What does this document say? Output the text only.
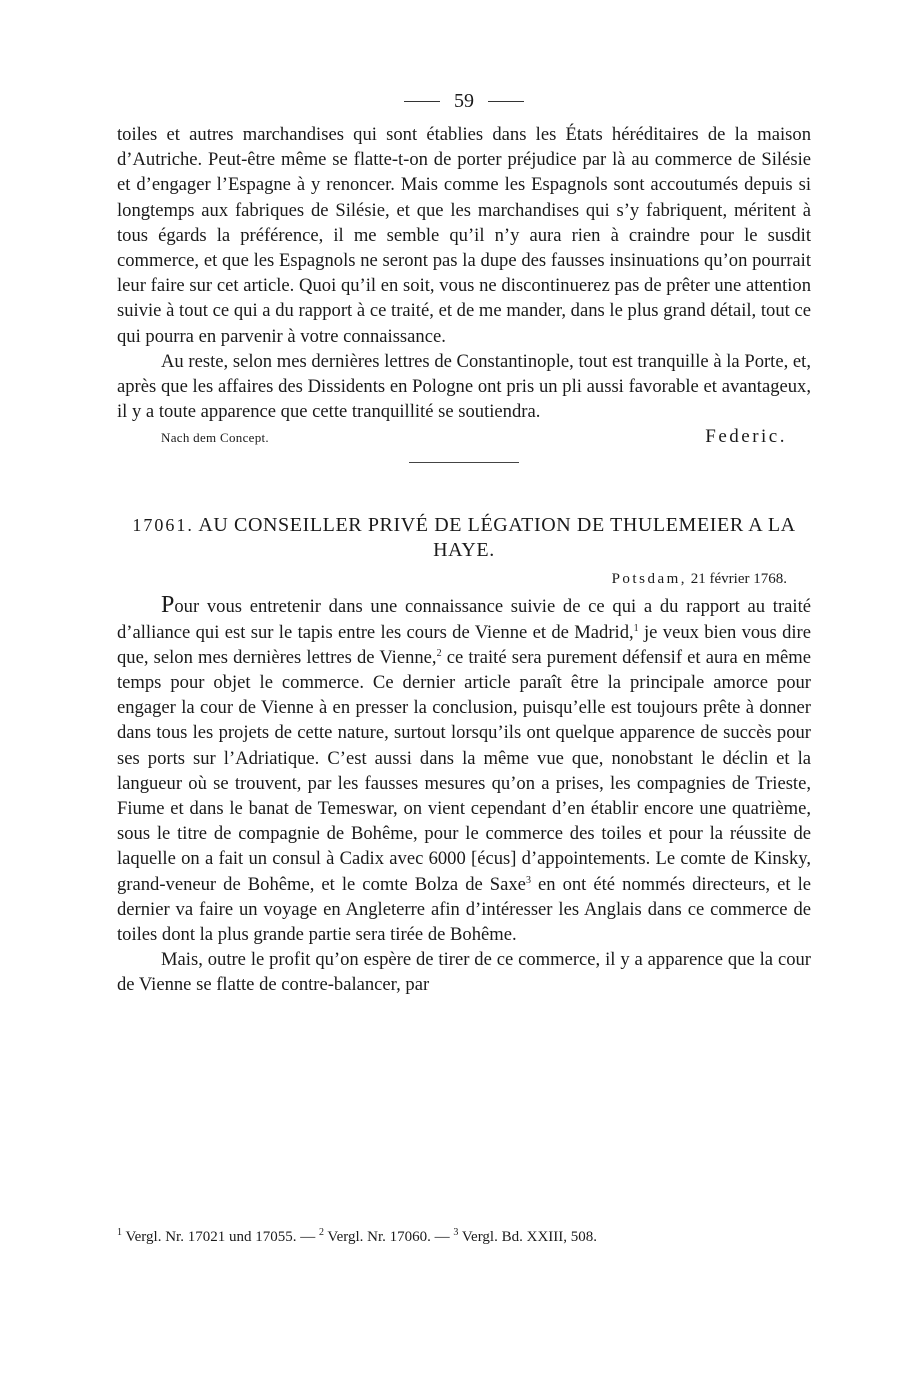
59

toiles et autres marchandises qui sont établies dans les États héréditaires de la maison d’Autriche. Peut-être même se flatte-t-on de porter préjudice par là au commerce de Silésie et d’engager l’Espagne à y renoncer. Mais comme les Espagnols sont accoutumés depuis si longtemps aux fabriques de Silésie, et que les marchandises qui s’y fabriquent, méritent à tous égards la préférence, il me semble qu’il n’y aura rien à craindre pour le susdit commerce, et que les Espagnols ne seront pas la dupe des fausses insinuations qu’on pourrait leur faire sur cet article. Quoi qu’il en soit, vous ne discontinuerez pas de prêter une attention suivie à tout ce qui a du rapport à ce traité, et de me mander, dans le plus grand détail, tout ce qui pourra en parvenir à votre connaissance.

Au reste, selon mes dernières lettres de Constantinople, tout est tranquille à la Porte, et, après que les affaires des Dissidents en Pologne ont pris un pli aussi favorable et avantageux, il y a toute apparence que cette tranquillité se soutiendra.

Nach dem Concept.	Federic.
17061. AU CONSEILLER PRIVÉ DE LÉGATION DE THULEMEIER A LA HAYE.
Potsdam, 21 février 1768.

Pour vous entretenir dans une connaissance suivie de ce qui a du rapport au traité d’alliance qui est sur le tapis entre les cours de Vienne et de Madrid,$^1$ je veux bien vous dire que, selon mes dernières lettres de Vienne,$^2$ ce traité sera purement défensif et aura en même temps pour objet le commerce. Ce dernier article paraît être la principale amorce pour engager la cour de Vienne à en presser la conclusion, puisqu’elle est toujours prête à donner dans tous les projets de cette nature, surtout lorsqu’ils ont quelque apparence de succès pour ses ports sur l’Adriatique. C’est aussi dans la même vue que, nonobstant le déclin et la langueur où se trouvent, par les fausses mesures qu’on a prises, les compagnies de Trieste, Fiume et dans le banat de Temeswar, on vient cependant d’en établir encore une quatrième, sous le titre de compagnie de Bohême, pour le commerce des toiles et pour la réussite de laquelle on a fait un consul à Cadix avec 6000 [écus] d’appointements. Le comte de Kinsky, grand-veneur de Bohême, et le comte Bolza de Saxe$^3$ en ont été nommés directeurs, et le dernier va faire un voyage en Angleterre afin d’intéresser les Anglais dans ce commerce de toiles dont la plus grande partie sera tirée de Bohême.

Mais, outre le profit qu’on espère de tirer de ce commerce, il y a apparence que la cour de Vienne se flatte de contre-balancer, par

$^1$ Vergl. Nr. 17021 und 17055. — $^2$ Vergl. Nr. 17060. — $^3$ Vergl. Bd. XXIII, 508.
